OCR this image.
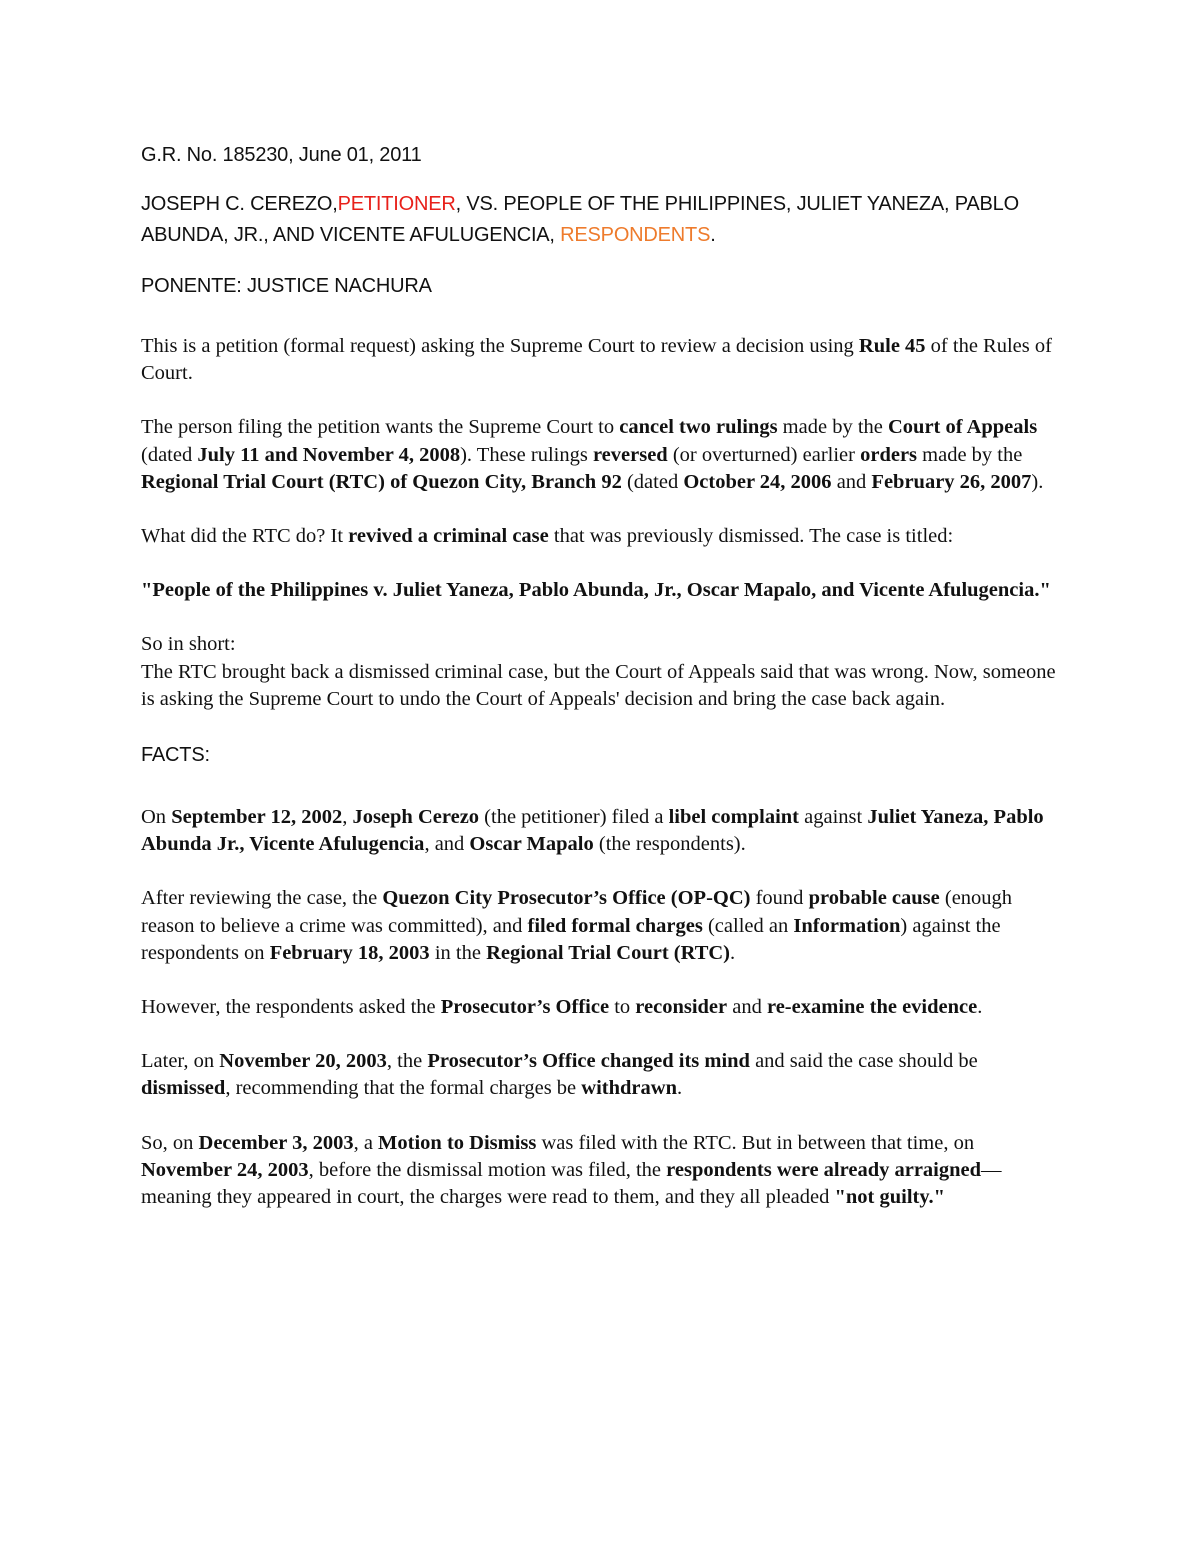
G.R. No. 185230, June 01, 2011

JOSEPH C. CEREZO,PETITIONER, VS. PEOPLE OF THE PHILIPPINES, JULIET YANEZA, PABLO ABUNDA, JR., AND VICENTE AFULUGENCIA, RESPONDENTS.

PONENTE: JUSTICE NACHURA

This is a petition (formal request) asking the Supreme Court to review a decision using Rule 45 of the Rules of Court.

The person filing the petition wants the Supreme Court to cancel two rulings made by the Court of Appeals (dated July 11 and November 4, 2008). These rulings reversed (or overturned) earlier orders made by the Regional Trial Court (RTC) of Quezon City, Branch 92 (dated October 24, 2006 and February 26, 2007).

What did the RTC do? It revived a criminal case that was previously dismissed. The case is titled:

"People of the Philippines v. Juliet Yaneza, Pablo Abunda, Jr., Oscar Mapalo, and Vicente Afulugencia."

So in short:
The RTC brought back a dismissed criminal case, but the Court of Appeals said that was wrong. Now, someone is asking the Supreme Court to undo the Court of Appeals' decision and bring the case back again.

FACTS:

On September 12, 2002, Joseph Cerezo (the petitioner) filed a libel complaint against Juliet Yaneza, Pablo Abunda Jr., Vicente Afulugencia, and Oscar Mapalo (the respondents).

After reviewing the case, the Quezon City Prosecutor’s Office (OP-QC) found probable cause (enough reason to believe a crime was committed), and filed formal charges (called an Information) against the respondents on February 18, 2003 in the Regional Trial Court (RTC).

However, the respondents asked the Prosecutor’s Office to reconsider and re-examine the evidence.

Later, on November 20, 2003, the Prosecutor’s Office changed its mind and said the case should be dismissed, recommending that the formal charges be withdrawn.

So, on December 3, 2003, a Motion to Dismiss was filed with the RTC. But in between that time, on November 24, 2003, before the dismissal motion was filed, the respondents were already arraigned—meaning they appeared in court, the charges were read to them, and they all pleaded "not guilty."
